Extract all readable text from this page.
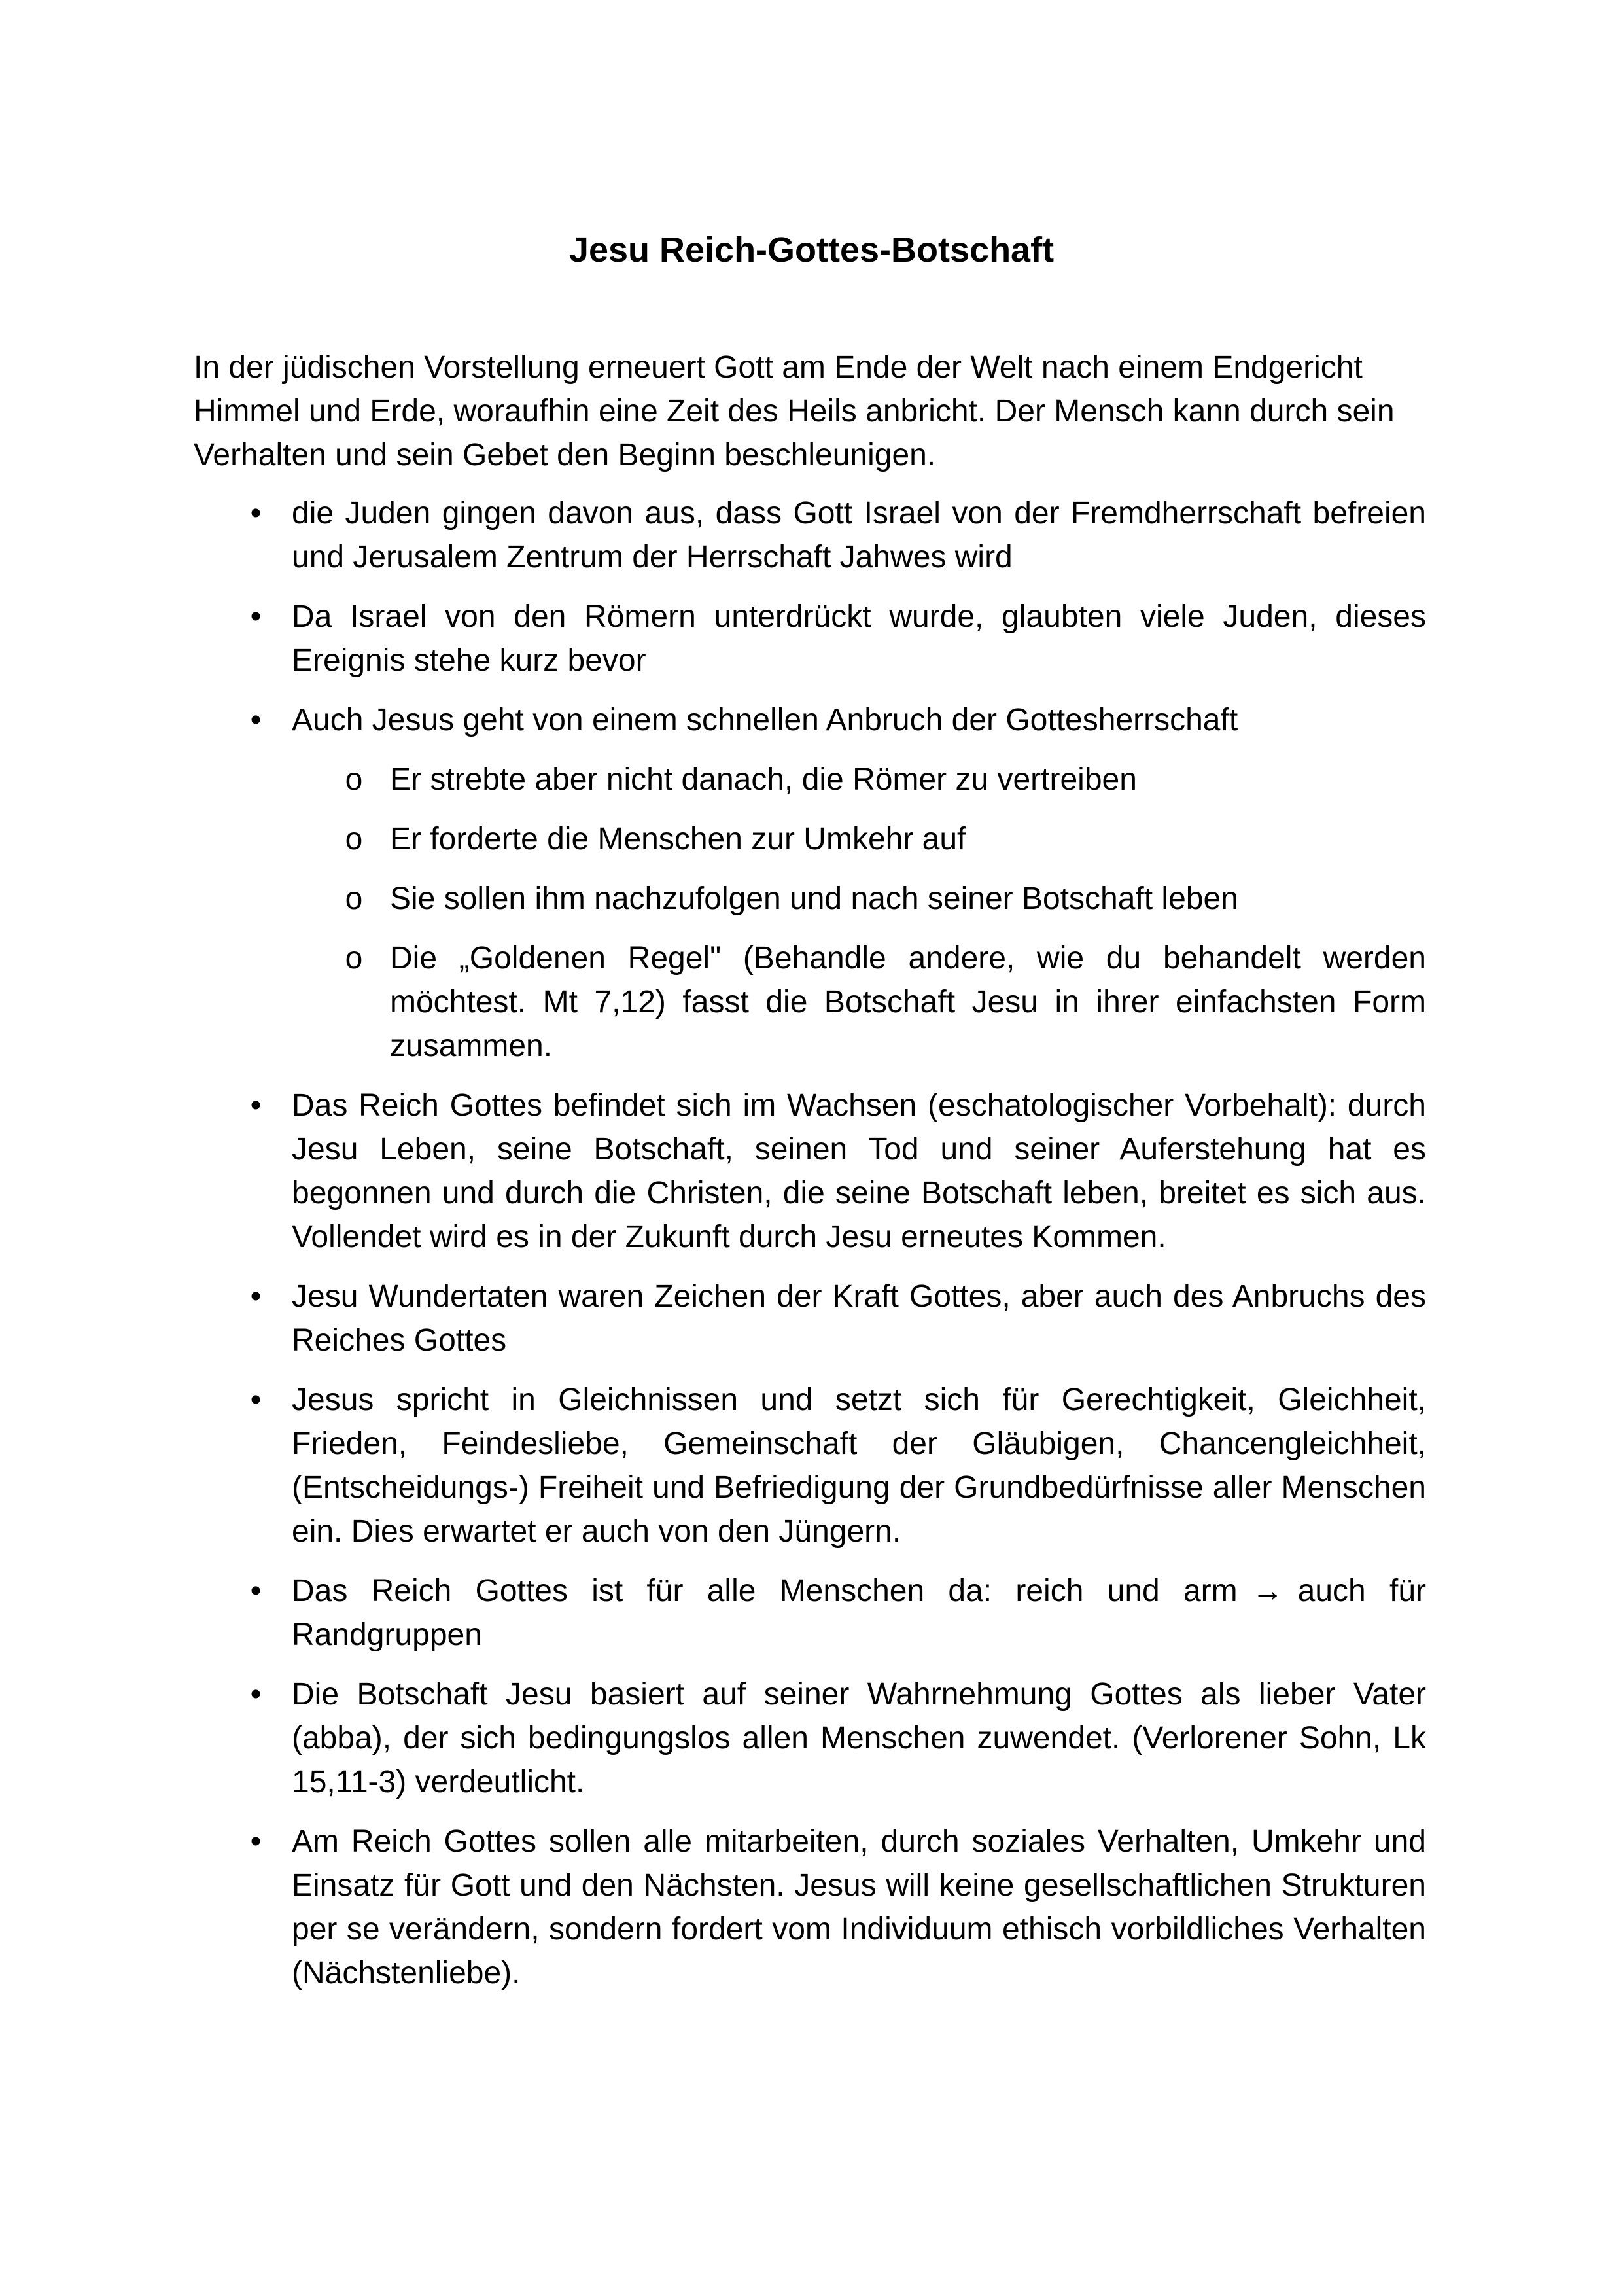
Jesu Reich-Gottes-Botschaft

In der jüdischen Vorstellung erneuert Gott am Ende der Welt nach einem Endgericht Himmel und Erde, woraufhin eine Zeit des Heils anbricht. Der Mensch kann durch sein Verhalten und sein Gebet den Beginn beschleunigen.

• die Juden gingen davon aus, dass Gott Israel von der Fremdherrschaft befreien und Jerusalem Zentrum der Herrschaft Jahwes wird
• Da Israel von den Römern unterdrückt wurde, glaubten viele Juden, dieses Ereignis stehe kurz bevor
• Auch Jesus geht von einem schnellen Anbruch der Gottesherrschaft
o Er strebte aber nicht danach, die Römer zu vertreiben
o Er forderte die Menschen zur Umkehr auf
o Sie sollen ihm nachzufolgen und nach seiner Botschaft leben
o Die „Goldenen Regel" (Behandle andere, wie du behandelt werden möchtest. Mt 7,12) fasst die Botschaft Jesu in ihrer einfachsten Form zusammen.
• Das Reich Gottes befindet sich im Wachsen (eschatologischer Vorbehalt): durch Jesu Leben, seine Botschaft, seinen Tod und seiner Auferstehung hat es begonnen und durch die Christen, die seine Botschaft leben, breitet es sich aus. Vollendet wird es in der Zukunft durch Jesu erneutes Kommen.
• Jesu Wundertaten waren Zeichen der Kraft Gottes, aber auch des Anbruchs des Reiches Gottes
• Jesus spricht in Gleichnissen und setzt sich für Gerechtigkeit, Gleichheit, Frieden, Feindesliebe, Gemeinschaft der Gläubigen, Chancengleichheit, (Entscheidungs-) Freiheit und Befriedigung der Grundbedürfnisse aller Menschen ein. Dies erwartet er auch von den Jüngern.
• Das Reich Gottes ist für alle Menschen da: reich und arm → auch für Randgruppen
• Die Botschaft Jesu basiert auf seiner Wahrnehmung Gottes als lieber Vater (abba), der sich bedingungslos allen Menschen zuwendet. (Verlorener Sohn, Lk 15,11-3) verdeutlicht.
• Am Reich Gottes sollen alle mitarbeiten, durch soziales Verhalten, Umkehr und Einsatz für Gott und den Nächsten. Jesus will keine gesellschaftlichen Strukturen per se verändern, sondern fordert vom Individuum ethisch vorbildliches Verhalten (Nächstenliebe).
